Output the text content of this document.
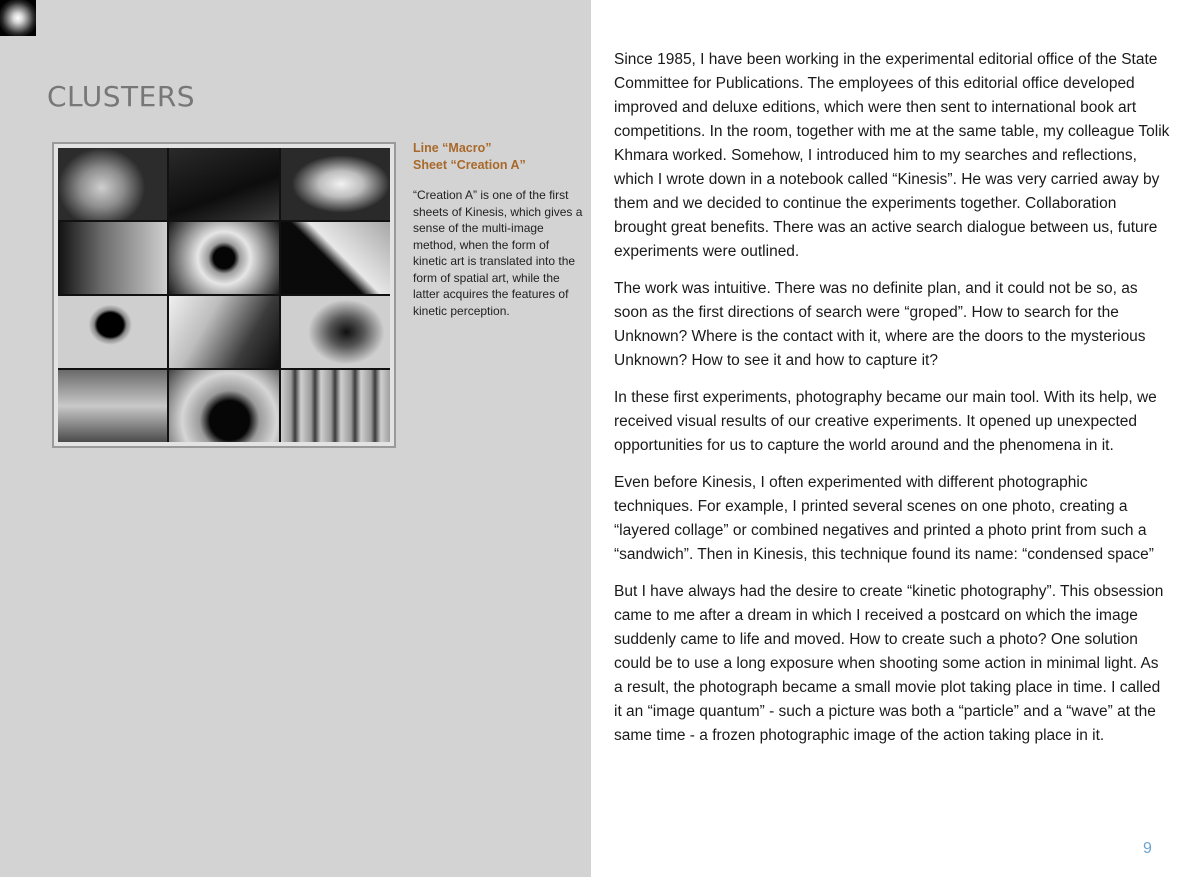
CLUSTERS
Line “Macro”
Sheet “Creation A”
“Creation A” is one of the first sheets of Kinesis, which gives a sense of the multi-image method, when the form of kinetic art is translated into the form of spatial art, while the latter acquires the features of kinetic perception.

Since 1985, I have been working in the experimental editorial office of the State Committee for Publications. The employees of this editorial office developed improved and deluxe editions, which were then sent to international book art competitions. In the room, together with me at the same table, my colleague Tolik Khmara worked. Somehow, I introduced him to my searches and reflections, which I wrote down in a notebook called “Kinesis”. He was very carried away by them and we decided to continue the experiments together. Collaboration brought great benefits. There was an active search dialogue between us, future experiments were outlined.

The work was intuitive. There was no definite plan, and it could not be so, as soon as the first directions of search were “groped”. How to search for the Unknown? Where is the contact with it, where are the doors to the mysterious Unknown? How to see it and how to capture it?

In these first experiments, photography became our main tool. With its help, we received visual results of our creative experiments. It opened up unexpected opportunities for us to capture the world around and the phenomena in it.

Even before Kinesis, I often experimented with different photographic techniques. For example, I printed several scenes on one photo, creating a “layered collage” or combined negatives and printed a photo print from such a “sandwich”. Then in Kinesis, this technique found its name: “condensed space”

But I have always had the desire to create “kinetic photography”. This obsession came to me after a dream in which I received a postcard on which the image suddenly came to life and moved. How to create such a photo? One solution could be to use a long exposure when shooting some action in minimal light. As a result, the photograph became a small movie plot taking place in time. I called it an “image quantum” - such a picture was both a “particle” and a “wave” at the same time - a frozen photographic image of the action taking place in it.

9
